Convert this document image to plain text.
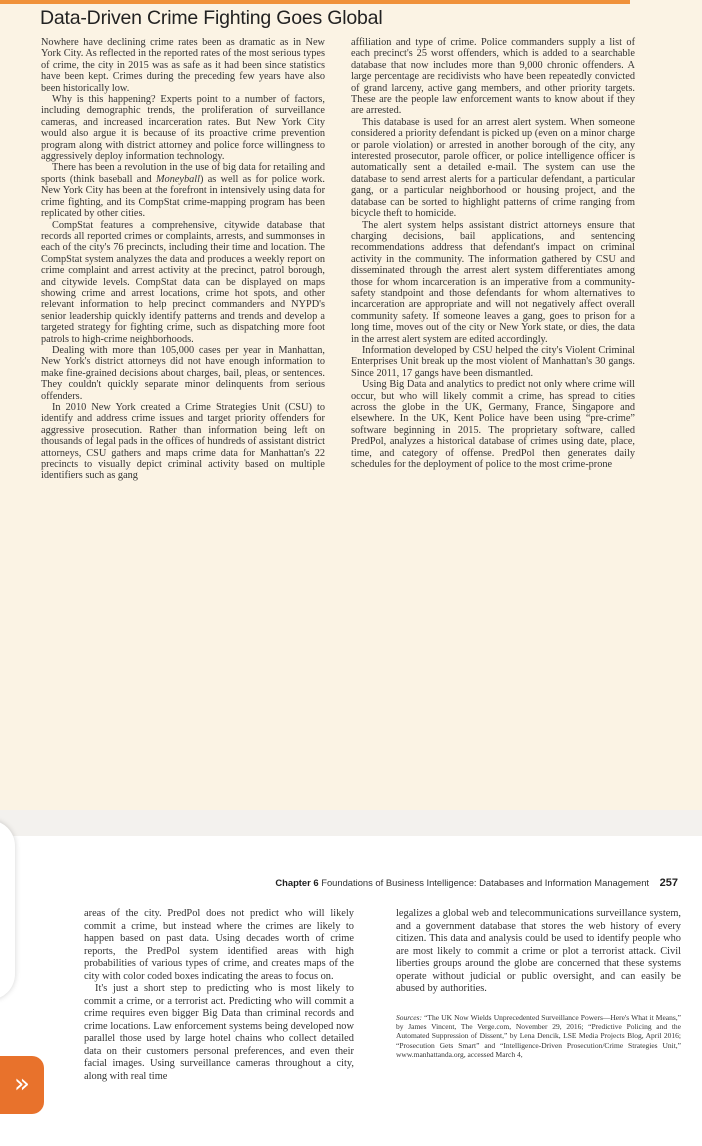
Data-Driven Crime Fighting Goes Global

Nowhere have declining crime rates been as dramatic as in New York City. As reflected in the reported rates of the most serious types of crime, the city in 2015 was as safe as it had been since statistics have been kept. Crimes during the preceding few years have also been historically low.

Why is this happening? Experts point to a number of factors, including demographic trends, the proliferation of surveillance cameras, and increased incarceration rates. But New York City would also argue it is because of its proactive crime prevention program along with district attorney and police force willingness to aggressively deploy information technology.

There has been a revolution in the use of big data for retailing and sports (think baseball and Moneyball) as well as for police work. New York City has been at the forefront in intensively using data for crime fighting, and its CompStat crime-mapping program has been replicated by other cities.

CompStat features a comprehensive, citywide database that records all reported crimes or complaints, arrests, and summonses in each of the city's 76 precincts, including their time and location. The CompStat system analyzes the data and produces a weekly report on crime complaint and arrest activity at the precinct, patrol borough, and citywide levels. CompStat data can be displayed on maps showing crime and arrest locations, crime hot spots, and other relevant information to help precinct commanders and NYPD's senior leadership quickly identify patterns and trends and develop a targeted strategy for fighting crime, such as dispatching more foot patrols to high-crime neighborhoods.

Dealing with more than 105,000 cases per year in Manhattan, New York's district attorneys did not have enough information to make fine-grained decisions about charges, bail, pleas, or sentences. They couldn't quickly separate minor delinquents from serious offenders.

In 2010 New York created a Crime Strategies Unit (CSU) to identify and address crime issues and target priority offenders for aggressive prosecution. Rather than information being left on thousands of legal pads in the offices of hundreds of assistant district attorneys, CSU gathers and maps crime data for Manhattan's 22 precincts to visually depict criminal activity based on multiple identifiers such as gang

affiliation and type of crime. Police commanders supply a list of each precinct's 25 worst offenders, which is added to a searchable database that now includes more than 9,000 chronic offenders. A large percentage are recidivists who have been repeatedly convicted of grand larceny, active gang members, and other priority targets. These are the people law enforcement wants to know about if they are arrested.

This database is used for an arrest alert system. When someone considered a priority defendant is picked up (even on a minor charge or parole violation) or arrested in another borough of the city, any interested prosecutor, parole officer, or police intelligence officer is automatically sent a detailed e-mail. The system can use the database to send arrest alerts for a particular defendant, a particular gang, or a particular neighborhood or housing project, and the database can be sorted to highlight patterns of crime ranging from bicycle theft to homicide.

The alert system helps assistant district attorneys ensure that charging decisions, bail applications, and sentencing recommendations address that defendant's impact on criminal activity in the community. The information gathered by CSU and disseminated through the arrest alert system differentiates among those for whom incarceration is an imperative from a community-safety standpoint and those defendants for whom alternatives to incarceration are appropriate and will not negatively affect overall community safety. If someone leaves a gang, goes to prison for a long time, moves out of the city or New York state, or dies, the data in the arrest alert system are edited accordingly.

Information developed by CSU helped the city's Violent Criminal Enterprises Unit break up the most violent of Manhattan's 30 gangs. Since 2011, 17 gangs have been dismantled.

Using Big Data and analytics to predict not only where crime will occur, but who will likely commit a crime, has spread to cities across the globe in the UK, Germany, France, Singapore and elsewhere. In the UK, Kent Police have been using “pre-crime” software beginning in 2015. The proprietary software, called PredPol, analyzes a historical database of crimes using date, place, time, and category of offense. PredPol then generates daily schedules for the deployment of police to the most crime-prone

Chapter 6 Foundations of Business Intelligence: Databases and Information Management 257

areas of the city. PredPol does not predict who will likely commit a crime, but instead where the crimes are likely to happen based on past data. Using decades worth of crime reports, the PredPol system identified areas with high probabilities of various types of crime, and creates maps of the city with color coded boxes indicating the areas to focus on.

It's just a short step to predicting who is most likely to commit a crime, or a terrorist act. Predicting who will commit a crime requires even bigger Big Data than criminal records and crime locations. Law enforcement systems being developed now parallel those used by large hotel chains who collect detailed data on their customers personal preferences, and even their facial images. Using surveillance cameras throughout a city, along with real time

legalizes a global web and telecommunications surveillance system, and a government database that stores the web history of every citizen. This data and analysis could be used to identify people who are most likely to commit a crime or plot a terrorist attack. Civil liberties groups around the globe are concerned that these systems operate without judicial or public oversight, and can easily be abused by authorities.

Sources: “The UK Now Wields Unprecedented Surveillance Powers—Here's What it Means,” by James Vincent, The Verge.com, November 29, 2016; “Predictive Policing and the Automated Suppression of Dissent,” by Lena Dencik, LSE Media Projects Blog, April 2016; “Prosecution Gets Smart” and “Intelligence-Driven Prosecution/Crime Strategies Unit,” www.manhattanda.org, accessed March 4,
»
